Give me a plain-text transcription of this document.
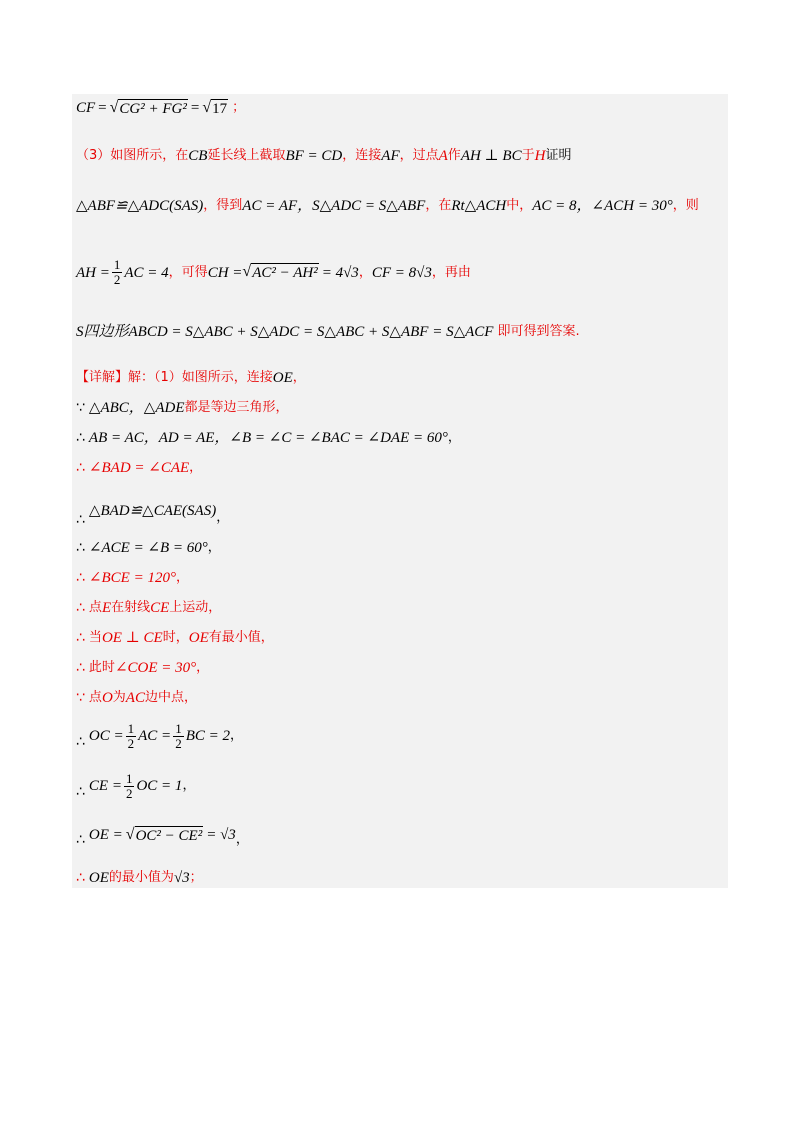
CF = √ CG² + FG² = √ 17 ；
（3）如图所示，在 CB 延长线上截取 BF = CD ，连接 AF ，过点 A 作 AH ⊥ BC 于 H 证明
△ABF≌△ADC(SAS) ，得到 AC = AF，S△ADC = S△ABF ，在 Rt△ACH 中， AC = 8，∠ACH = 30° ，则
AH = $\frac{1}{2}$ AC = 4 ，可得 CH = √ AC² − AH² = 4√3 ， CF = 8√3 ，再由
S四边形ABCD = S△ABC + S△ADC = S△ABC + S△ABF = S△ACF 即可得到答案.
【详解】解：（1）如图所示，连接 OE ，
∵ △ABC，△ADE 都是等边三角形，
∴ AB = AC，AD = AE，∠B = ∠C = ∠BAC = ∠DAE = 60° ，
∴ ∠BAD = ∠CAE ，
∴
△BAD≌△CAE(SAS) ，
∴ ∠ACE = ∠B = 60° ，
∴ ∠BCE = 120° ，
∴ 点 E 在射线 CE 上运动，
∴ 当 OE ⊥ CE 时， OE 有最小值，
∴ 此时 ∠COE = 30° ，
∵ 点 O 为 AC 边中点，
∴ OC = $\frac{1}{2}$ AC = $\frac{1}{2}$ BC = 2 ，
∴ CE = $\frac{1}{2}$ OC = 1 ，
∴ OE = √ OC² − CE² = √3 ，
∴ OE 的最小值为 √3 ；
